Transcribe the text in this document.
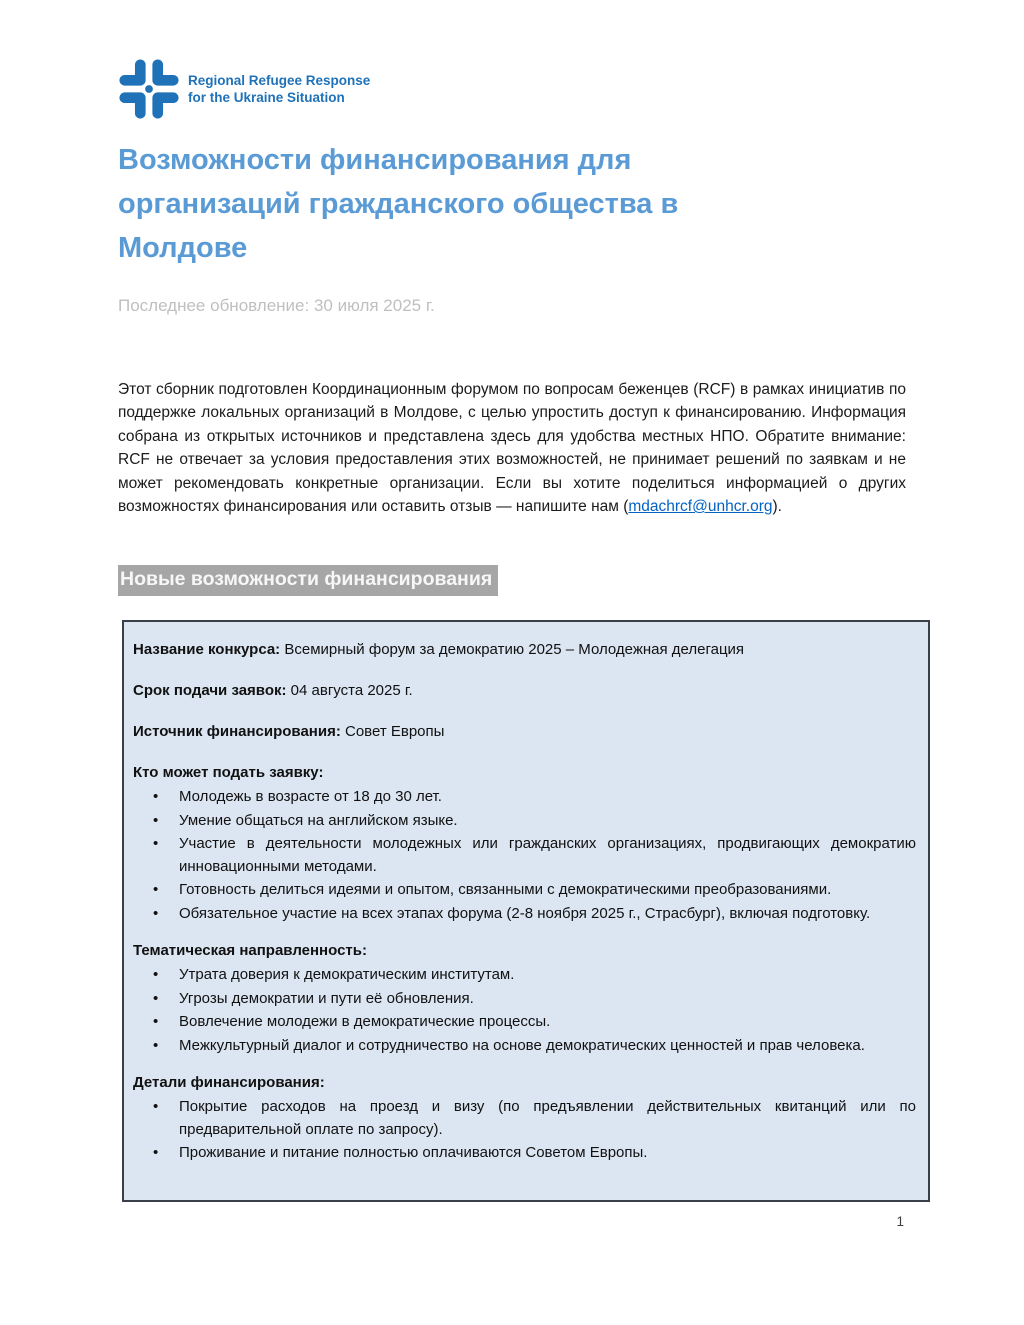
Regional Refugee Response
for the Ukraine Situation
Возможности финансирования для организаций гражданского общества в Молдове
Последнее обновление: 30 июля 2025 г.

Этот сборник подготовлен Координационным форумом по вопросам беженцев (RCF) в рамках инициатив по поддержке локальных организаций в Молдове, с целью упростить доступ к финансированию. Информация собрана из открытых источников и представлена здесь для удобства местных НПО. Обратите внимание: RCF не отвечает за условия предоставления этих возможностей, не принимает решений по заявкам и не может рекомендовать конкретные организации. Если вы хотите поделиться информацией о других возможностях финансирования или оставить отзыв — напишите нам (mdachrcf@unhcr.org).

Новые возможности финансирования

Название конкурса: Всемирный форум за демократию 2025 – Молодежная делегация

Срок подачи заявок: 04 августа 2025 г.

Источник финансирования: Совет Европы

Кто может подать заявку:

• Молодежь в возрасте от 18 до 30 лет.
• Умение общаться на английском языке.
• Участие в деятельности молодежных или гражданских организациях, продвигающих демократию инновационными методами.
• Готовность делиться идеями и опытом, связанными с демократическими преобразованиями.
• Обязательное участие на всех этапах форума (2-8 ноября 2025 г., Страсбург), включая подготовку.

Тематическая направленность:

• Утрата доверия к демократическим институтам.
• Угрозы демократии и пути её обновления.
• Вовлечение молодежи в демократические процессы.
• Межкультурный диалог и сотрудничество на основе демократических ценностей и прав человека.

Детали финансирования:

• Покрытие расходов на проезд и визу (по предъявлении действительных квитанций или по предварительной оплате по запросу).
• Проживание и питание полностью оплачиваются Советом Европы.
1
